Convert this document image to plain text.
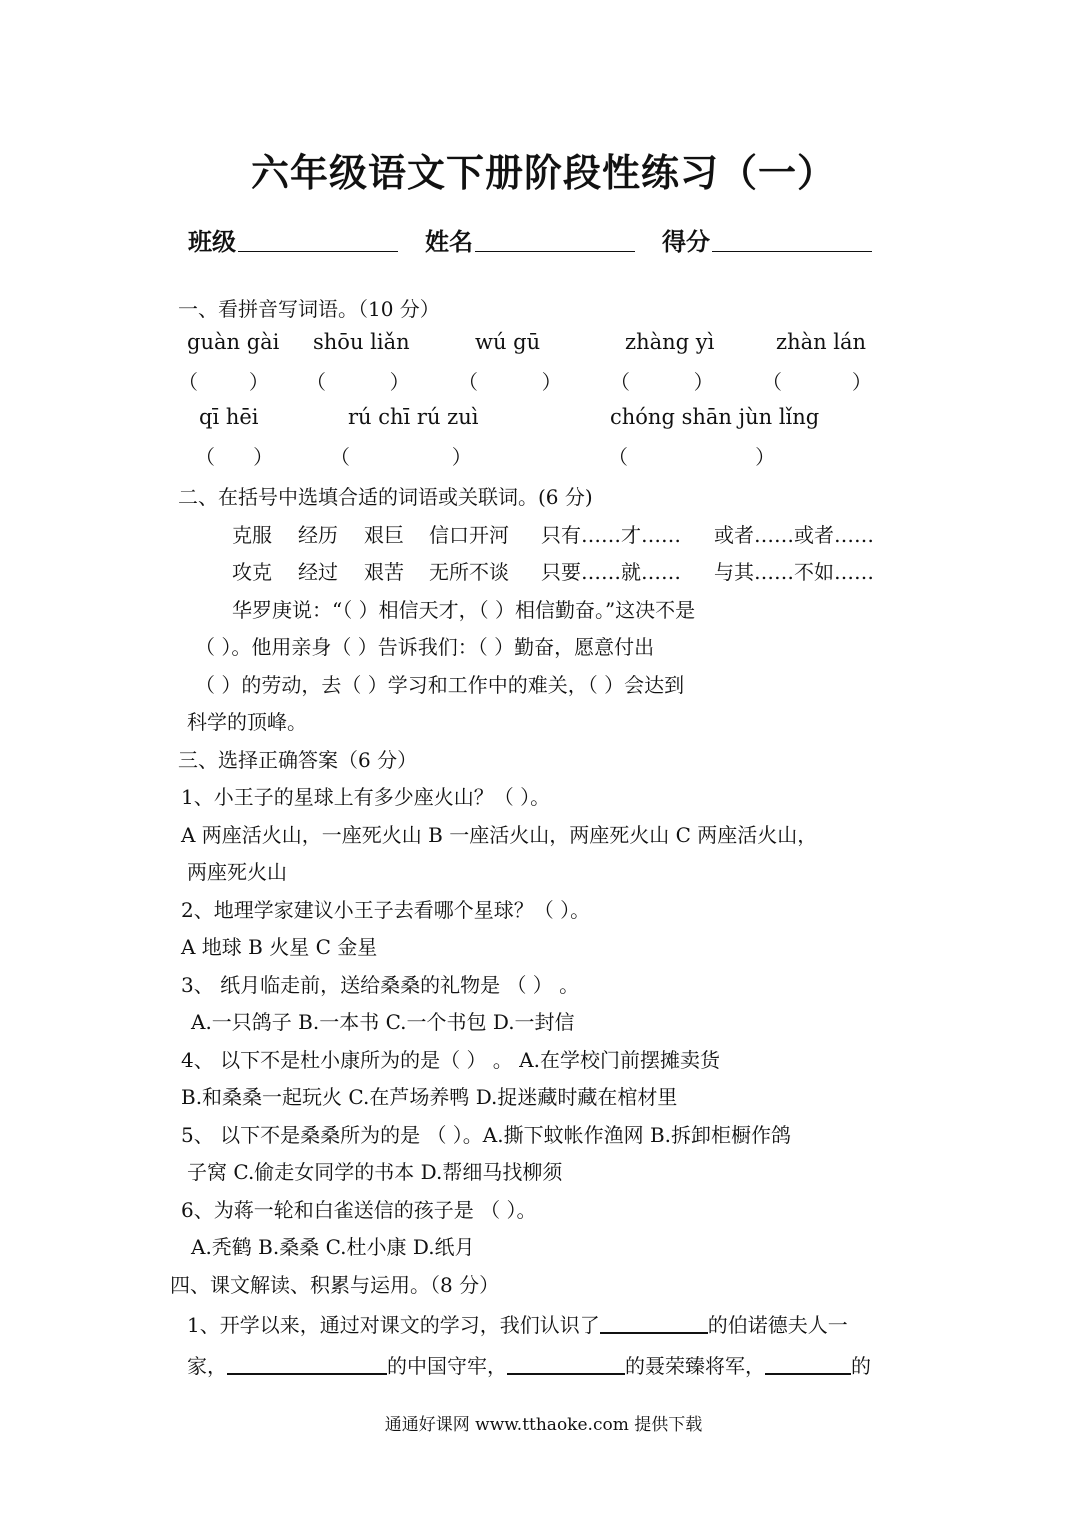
六年级语文下册阶段性练习（一）
班级	姓名	得分
一、看拼音写词语。（10 分）
guàn gài shōu liǎn	wú gū	zhàng yì	zhàn lán
（        ） （          ） （          ） （          ） （           ）
qī hēi	rú chī rú zuì	chóng shān jùn lǐng
（      ）	（                ）	（                    ）
二、在括号中选填合适的词语或关联词。(6 分)
克服 经历 艰巨 信口开河 只有……才…… 或者……或者……
攻克 经过 艰苦 无所不谈 只要……就…… 与其……不如……
华罗庚说：“（ ）相信天才，（ ）相信勤奋。”这决不是
（ ）。他用亲身（ ）告诉我们：（ ）勤奋，愿意付出
（ ）的劳动，去（ ）学习和工作中的难关，（ ）会达到
科学的顶峰。
三、选择正确答案（6 分）
1、小王子的星球上有多少座火山？（ ）。
A 两座活火山，一座死火山 B 一座活火山，两座死火山 C 两座活火山，
两座死火山
2、地理学家建议小王子去看哪个星球？（ ）。
A 地球 B 火星 C 金星
3、 纸月临走前，送给桑桑的礼物是 （ ） 。
A.一只鸽子 B.一本书 C.一个书包 D.一封信
4、 以下不是杜小康所为的是（ ） 。 A.在学校门前摆摊卖货
B.和桑桑一起玩火 C.在芦场养鸭 D.捉迷藏时藏在棺材里
5、 以下不是桑桑所为的是 （ ）。A.撕下蚊帐作渔网 B.拆卸柜橱作鸽
子窝 C.偷走女同学的书本 D.帮细马找柳须
6、为蒋一轮和白雀送信的孩子是 （ ）。
A.秃鹤 B.桑桑 C.杜小康 D.纸月
四、课文解读、积累与运用。（8 分）
1、开学以来，通过对课文的学习，我们认识了	的伯诺德夫人一
家，	的中国守牢，	的聂荣臻将军，	的
通通好课网 www.tthaoke.com 提供下载
